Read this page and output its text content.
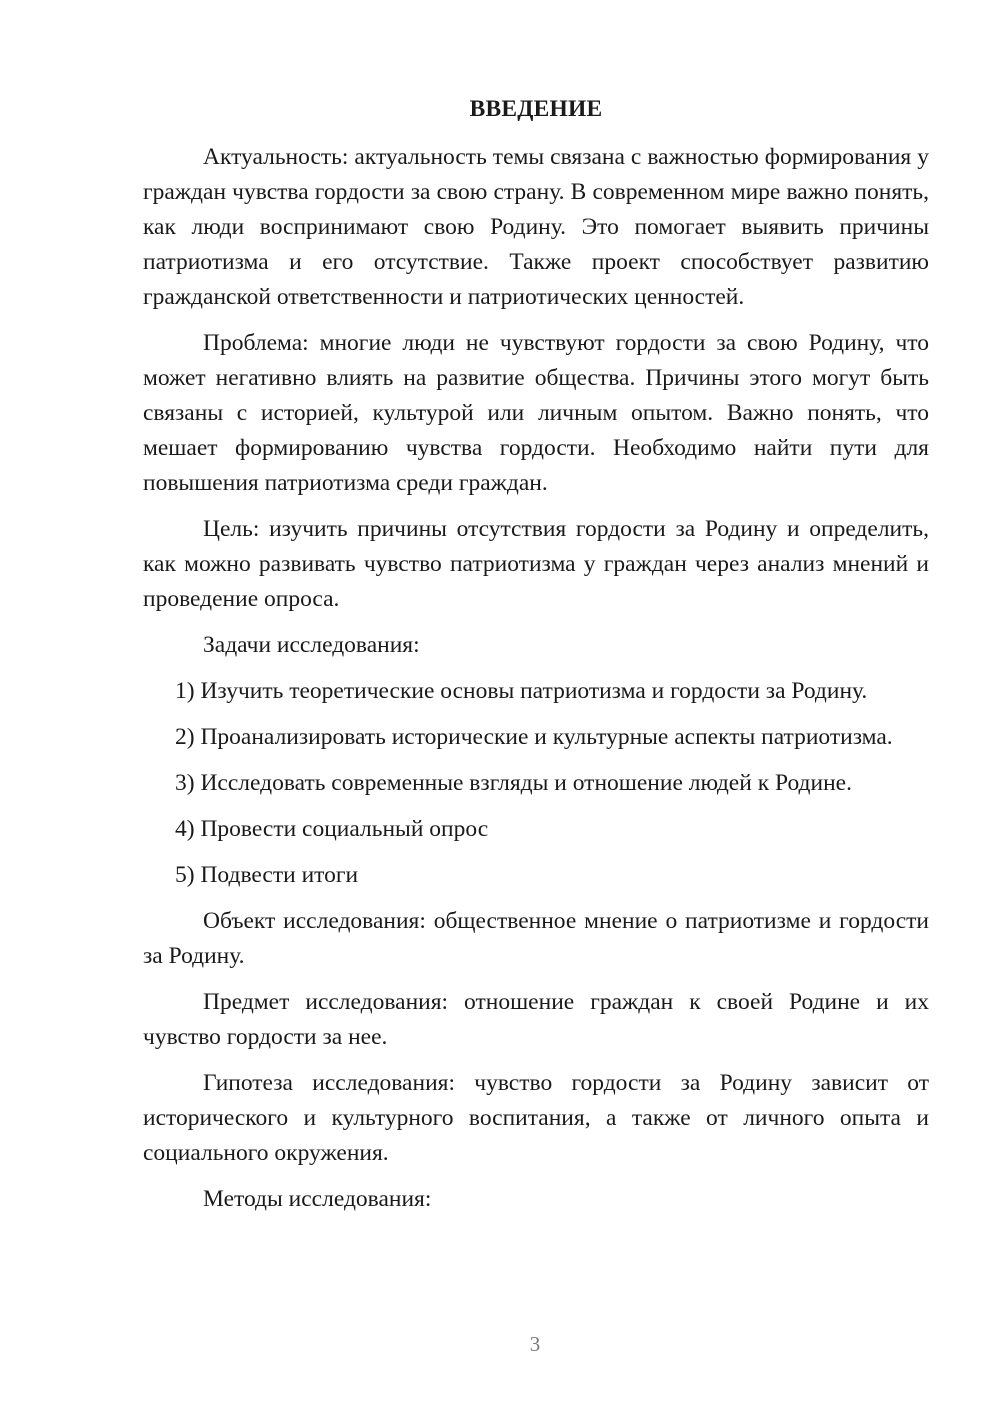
ВВЕДЕНИЕ

Актуальность: актуальность темы связана с важностью формирования у граждан чувства гордости за свою страну. В современном мире важно понять, как люди воспринимают свою Родину. Это помогает выявить причины патриотизма и его отсутствие. Также проект способствует развитию гражданской ответственности и патриотических ценностей.

Проблема: многие люди не чувствуют гордости за свою Родину, что может негативно влиять на развитие общества. Причины этого могут быть связаны с историей, культурой или личным опытом. Важно понять, что мешает формированию чувства гордости. Необходимо найти пути для повышения патриотизма среди граждан.

Цель: изучить причины отсутствия гордости за Родину и определить, как можно развивать чувство патриотизма у граждан через анализ мнений и проведение опроса.

Задачи исследования:

1) Изучить теоретические основы патриотизма и гордости за Родину.

2) Проанализировать исторические и культурные аспекты патриотизма.

3) Исследовать современные взгляды и отношение людей к Родине.

4) Провести социальный опрос

5) Подвести итоги

Объект исследования: общественное мнение о патриотизме и гордости за Родину.

Предмет исследования: отношение граждан к своей Родине и их чувство гордости за нее.

Гипотеза исследования: чувство гордости за Родину зависит от исторического и культурного воспитания, а также от личного опыта и социального окружения.

Методы исследования:

3
